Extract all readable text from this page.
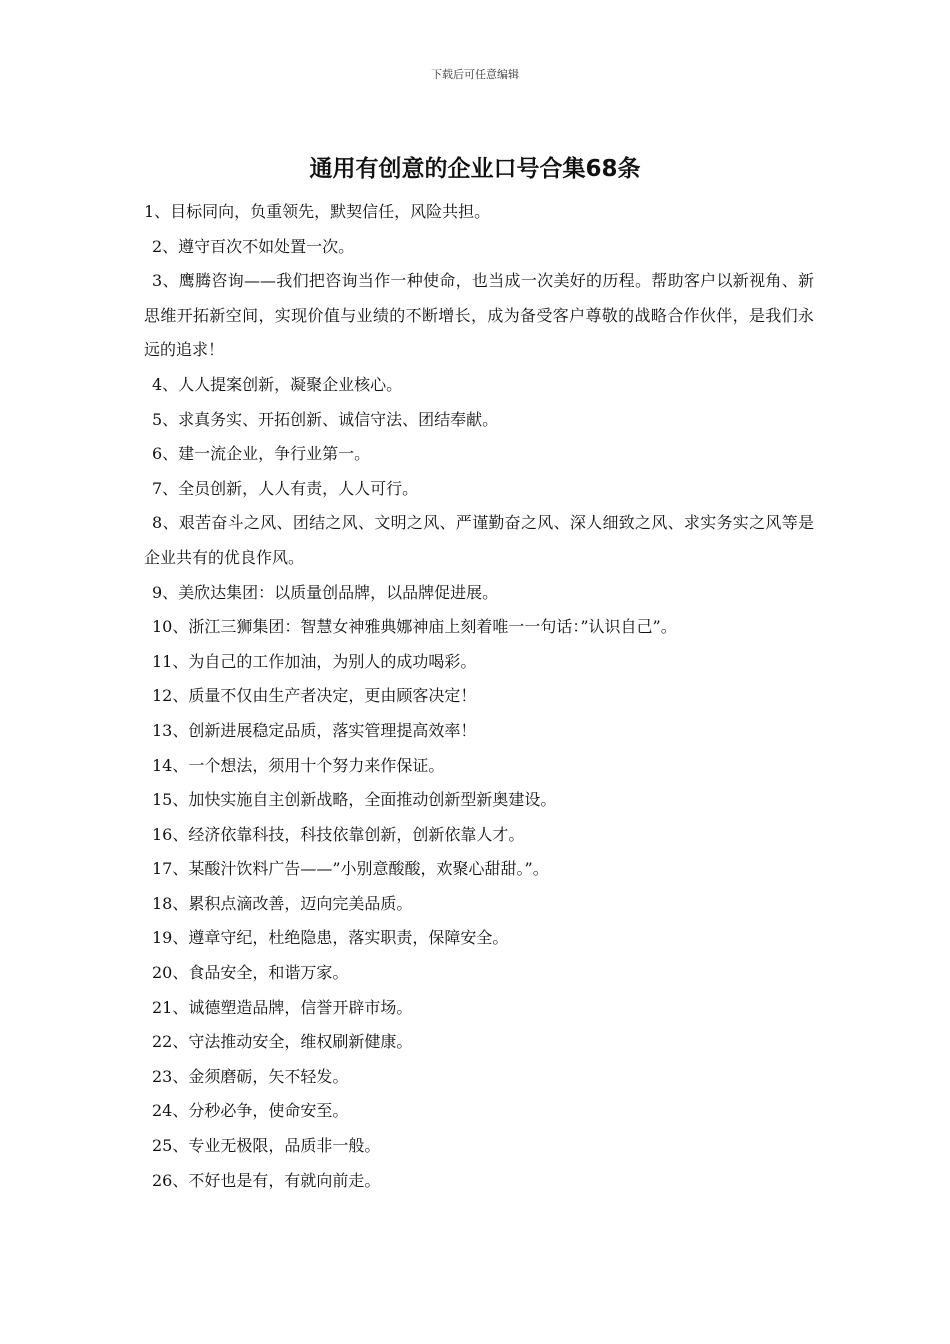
下载后可任意编辑
通用有创意的企业口号合集68条

1、目标同向，负重领先，默契信任，风险共担。

2、遵守百次不如处置一次。

3、鹰腾咨询——我们把咨询当作一种使命，也当成一次美好的历程。帮助客户以新视角、新思维开拓新空间，实现价值与业绩的不断增长，成为备受客户尊敬的战略合作伙伴，是我们永远的追求！

4、人人提案创新，凝聚企业核心。

5、求真务实、开拓创新、诚信守法、团结奉献。

6、建一流企业，争行业第一。

7、全员创新，人人有责，人人可行。

8、艰苦奋斗之风、团结之风、文明之风、严谨勤奋之风、深人细致之风、求实务实之风等是企业共有的优良作风。

9、美欣达集团：以质量创品牌，以品牌促进展。

10、浙江三狮集团：智慧女神雅典娜神庙上刻着唯一一句话：”认识自己”。

11、为自己的工作加油，为别人的成功喝彩。

12、质量不仅由生产者决定，更由顾客决定！

13、创新进展稳定品质，落实管理提高效率！

14、一个想法，须用十个努力来作保证。

15、加快实施自主创新战略，全面推动创新型新奥建设。

16、经济依靠科技，科技依靠创新，创新依靠人才。

17、某酸汁饮料广告——”小别意酸酸，欢聚心甜甜。”。

18、累积点滴改善，迈向完美品质。

19、遵章守纪，杜绝隐患，落实职责，保障安全。

20、食品安全，和谐万家。

21、诚德塑造品牌，信誉开辟市场。

22、守法推动安全，维权刷新健康。

23、金须磨砺，矢不轻发。

24、分秒必争，使命安至。

25、专业无极限，品质非一般。

26、不好也是有，有就向前走。
